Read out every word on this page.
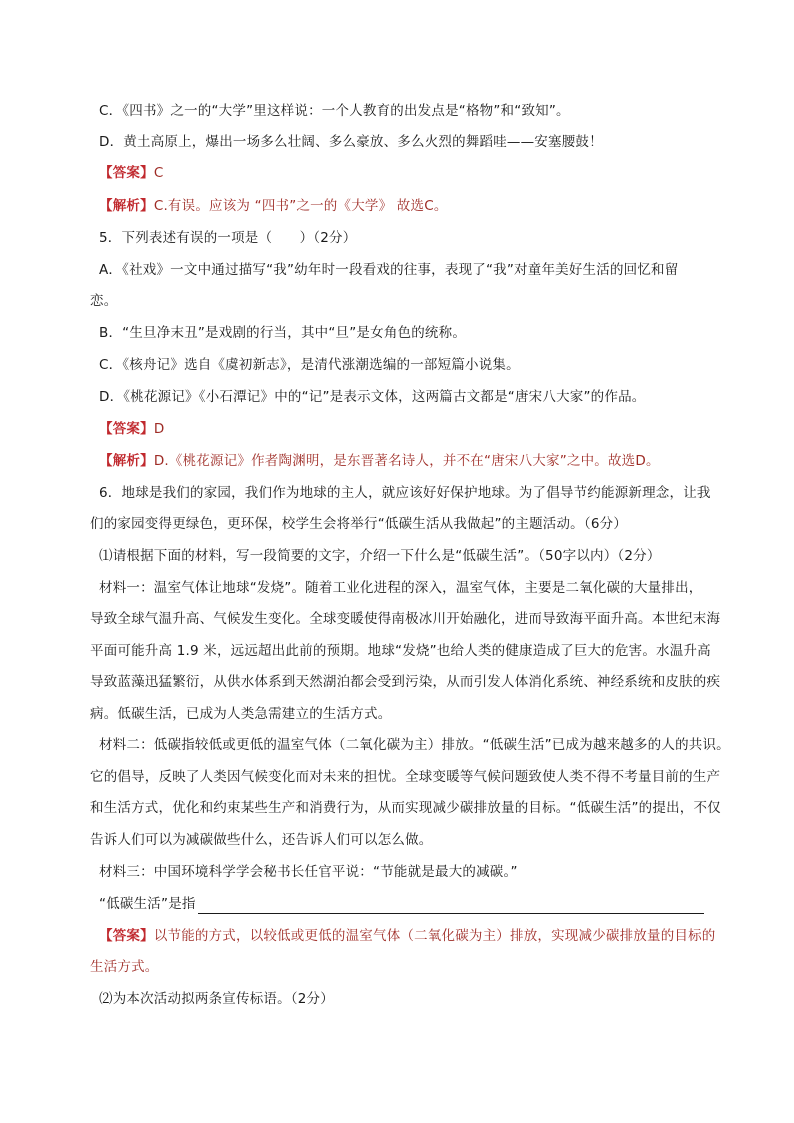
C．《四书》之一的“大学”里这样说：一个人教育的出发点是“格物”和“致知”。
D．黄土高原上，爆出一场多么壮阔、多么豪放、多么火烈的舞蹈哇——安塞腰鼓！
【答案】C
【解析】C.有误。应该为 “四书”之一的《大学》 故选C。
5．下列表述有误的一项是（　　）（2分）
A．《社戏》一文中通过描写“我”幼年时一段看戏的往事，表现了“我”对童年美好生活的回忆和留
恋。
B．“生旦净末丑”是戏剧的行当，其中“旦”是女角色的统称。
C．《核舟记》选自《虞初新志》，是清代涨潮选编的一部短篇小说集。
D．《桃花源记》《小石潭记》中的“记”是表示文体，这两篇古文都是“唐宋八大家”的作品。
【答案】D
【解析】D.《桃花源记》作者陶渊明，是东晋著名诗人，并不在“唐宋八大家”之中。故选D。
6．地球是我们的家园，我们作为地球的主人，就应该好好保护地球。为了倡导节约能源新理念，让我
们的家园变得更绿色，更环保，校学生会将举行“低碳生活从我做起”的主题活动。（6分）
⑴请根据下面的材料，写一段简要的文字，介绍一下什么是“低碳生活”。（50字以内）（2分）
材料一：温室气体让地球“发烧”。随着工业化进程的深入，温室气体，主要是二氧化碳的大量排出，
导致全球气温升高、气候发生变化。全球变暖使得南极冰川开始融化，进而导致海平面升高。本世纪末海
平面可能升高 1.9 米，远远超出此前的预期。地球“发烧”也给人类的健康造成了巨大的危害。水温升高
导致蓝藻迅猛繁衍，从供水体系到天然湖泊都会受到污染，从而引发人体消化系统、神经系统和皮肤的疾
病。低碳生活，已成为人类急需建立的生活方式。
材料二：低碳指较低或更低的温室气体（二氧化碳为主）排放。“低碳生活”已成为越来越多的人的共识。
它的倡导，反映了人类因气候变化而对未来的担忧。全球变暖等气候问题致使人类不得不考量目前的生产
和生活方式，优化和约束某些生产和消费行为，从而实现减少碳排放量的目标。“低碳生活”的提出，不仅
告诉人们可以为减碳做些什么，还告诉人们可以怎么做。
材料三：中国环境科学学会秘书长任官平说：“节能就是最大的减碳。”
“低碳生活”是指
【答案】以节能的方式，以较低或更低的温室气体（二氧化碳为主）排放，实现减少碳排放量的目标的
生活方式。
⑵为本次活动拟两条宣传标语。（2分）
